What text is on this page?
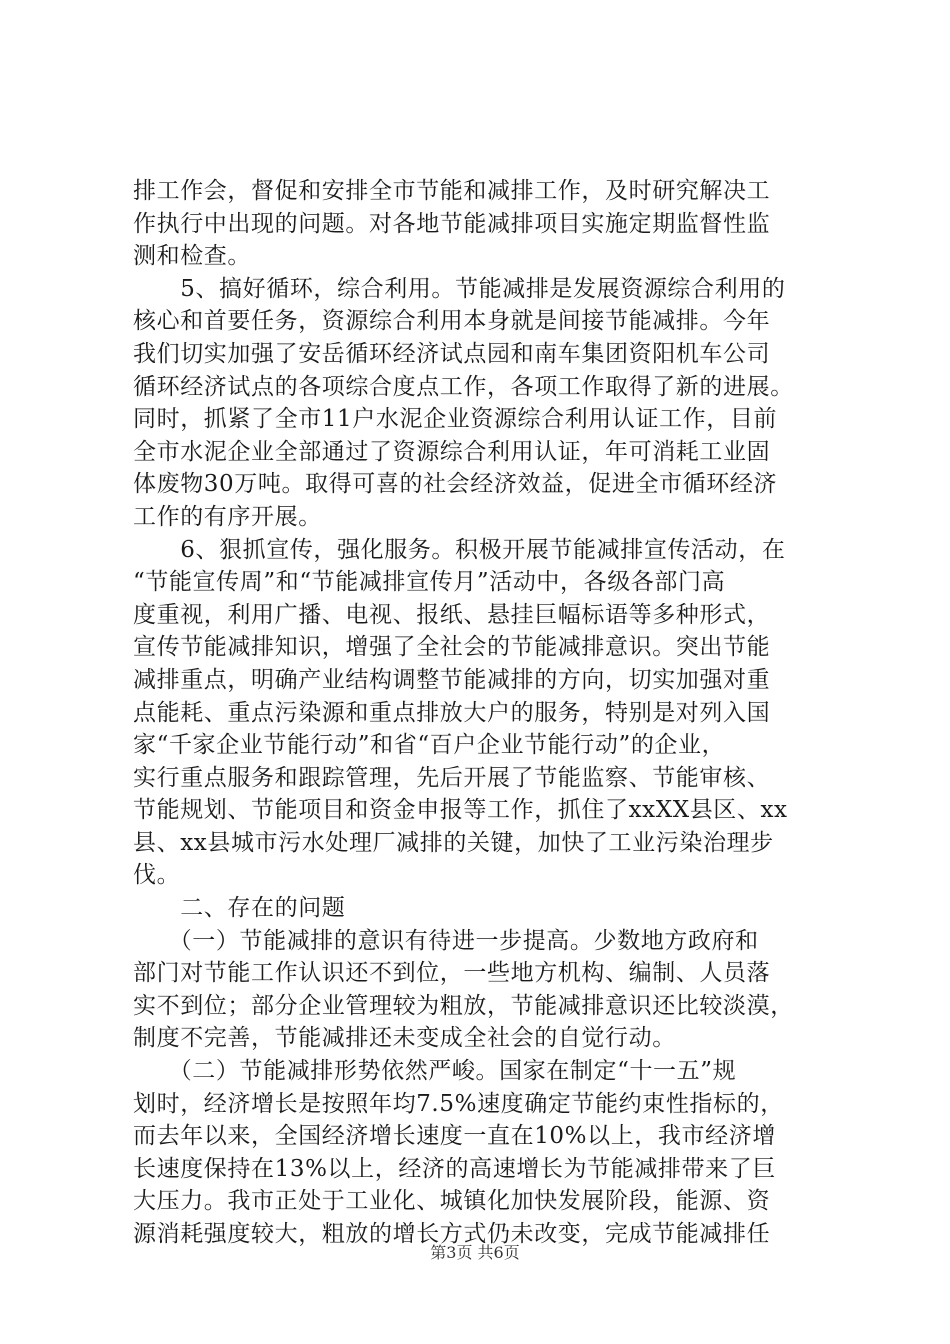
排工作会，督促和安排全市节能和减排工作，及时研究解决工
作执行中出现的问题。对各地节能减排项目实施定期监督性监
测和检查。
　　5、搞好循环，综合利用。节能减排是发展资源综合利用的
核心和首要任务，资源综合利用本身就是间接节能减排。今年
我们切实加强了安岳循环经济试点园和南车集团资阳机车公司
循环经济试点的各项综合度点工作，各项工作取得了新的进展。
同时，抓紧了全市11户水泥企业资源综合利用认证工作，目前
全市水泥企业全部通过了资源综合利用认证，年可消耗工业固
体废物30万吨。取得可喜的社会经济效益，促进全市循环经济
工作的有序开展。
　　6、狠抓宣传，强化服务。积极开展节能减排宣传活动，在
“节能宣传周”和“节能减排宣传月”活动中，各级各部门高
度重视，利用广播、电视、报纸、悬挂巨幅标语等多种形式，
宣传节能减排知识，增强了全社会的节能减排意识。突出节能
减排重点，明确产业结构调整节能减排的方向，切实加强对重
点能耗、重点污染源和重点排放大户的服务，特别是对列入国
家“千家企业节能行动”和省“百户企业节能行动”的企业，
实行重点服务和跟踪管理，先后开展了节能监察、节能审核、
节能规划、节能项目和资金申报等工作，抓住了xxXX县区、xx
县、xx县城市污水处理厂减排的关键，加快了工业污染治理步
伐。
　　二、存在的问题
　　（一）节能减排的意识有待进一步提高。少数地方政府和
部门对节能工作认识还不到位，一些地方机构、编制、人员落
实不到位；部分企业管理较为粗放，节能减排意识还比较淡漠，
制度不完善，节能减排还未变成全社会的自觉行动。
　　（二）节能减排形势依然严峻。国家在制定“十一五”规
划时，经济增长是按照年均7.5%速度确定节能约束性指标的，
而去年以来，全国经济增长速度一直在10%以上，我市经济增
长速度保持在13%以上，经济的高速增长为节能减排带来了巨
大压力。我市正处于工业化、城镇化加快发展阶段，能源、资
源消耗强度较大，粗放的增长方式仍未改变，完成节能减排任
第3页 共6页
